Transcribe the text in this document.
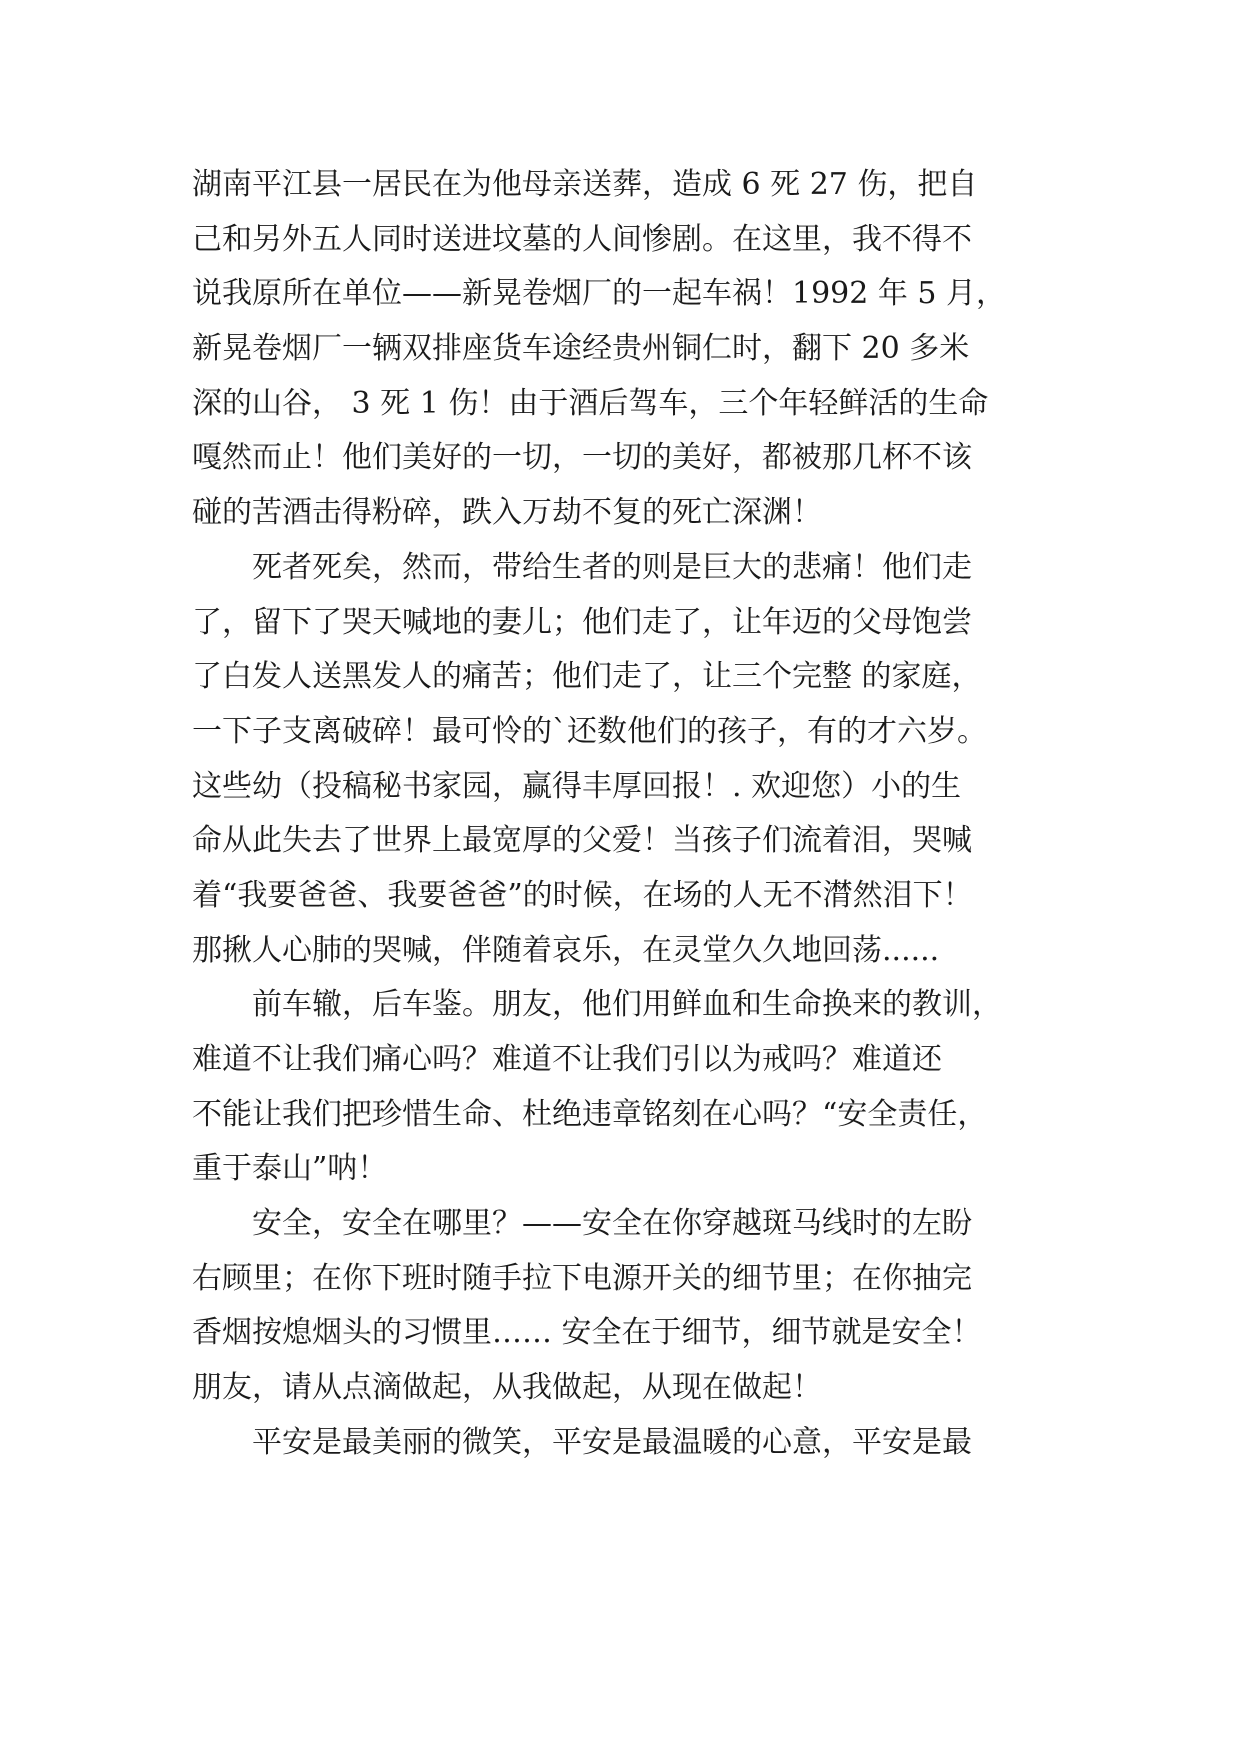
湖南平江县一居民在为他母亲送葬，造成 6 死 27 伤，把自
己和另外五人同时送进坟墓的人间惨剧。在这里，我不得不
说我原所在单位——新晃卷烟厂的一起车祸！1992 年 5 月，
新晃卷烟厂一辆双排座货车途经贵州铜仁时，翻下 20 多米
深的山谷， 3 死 1 伤！由于酒后驾车，三个年轻鲜活的生命
嘎然而止！他们美好的一切，一切的美好，都被那几杯不该
碰的苦酒击得粉碎，跌入万劫不复的死亡深渊！
　　死者死矣，然而，带给生者的则是巨大的悲痛！他们走
了，留下了哭天喊地的妻儿；他们走了，让年迈的父母饱尝
了白发人送黑发人的痛苦；他们走了，让三个完整 的家庭，
一下子支离破碎！最可怜的`还数他们的孩子，有的才六岁。
这些幼（投稿秘书家园，赢得丰厚回报！. 欢迎您）小的生
命从此失去了世界上最宽厚的父爱！当孩子们流着泪，哭喊
着“我要爸爸、我要爸爸”的时候，在场的人无不潸然泪下！
那揪人心肺的哭喊，伴随着哀乐，在灵堂久久地回荡......
　　前车辙，后车鉴。朋友，他们用鲜血和生命换来的教训，
难道不让我们痛心吗？难道不让我们引以为戒吗？难道还
不能让我们把珍惜生命、杜绝违章铭刻在心吗？“安全责任，
重于泰山”呐！
　　安全，安全在哪里？——安全在你穿越斑马线时的左盼
右顾里；在你下班时随手拉下电源开关的细节里；在你抽完
香烟按熄烟头的习惯里…… 安全在于细节，细节就是安全！
朋友，请从点滴做起，从我做起，从现在做起！
　　平安是最美丽的微笑，平安是最温暖的心意，平安是最
